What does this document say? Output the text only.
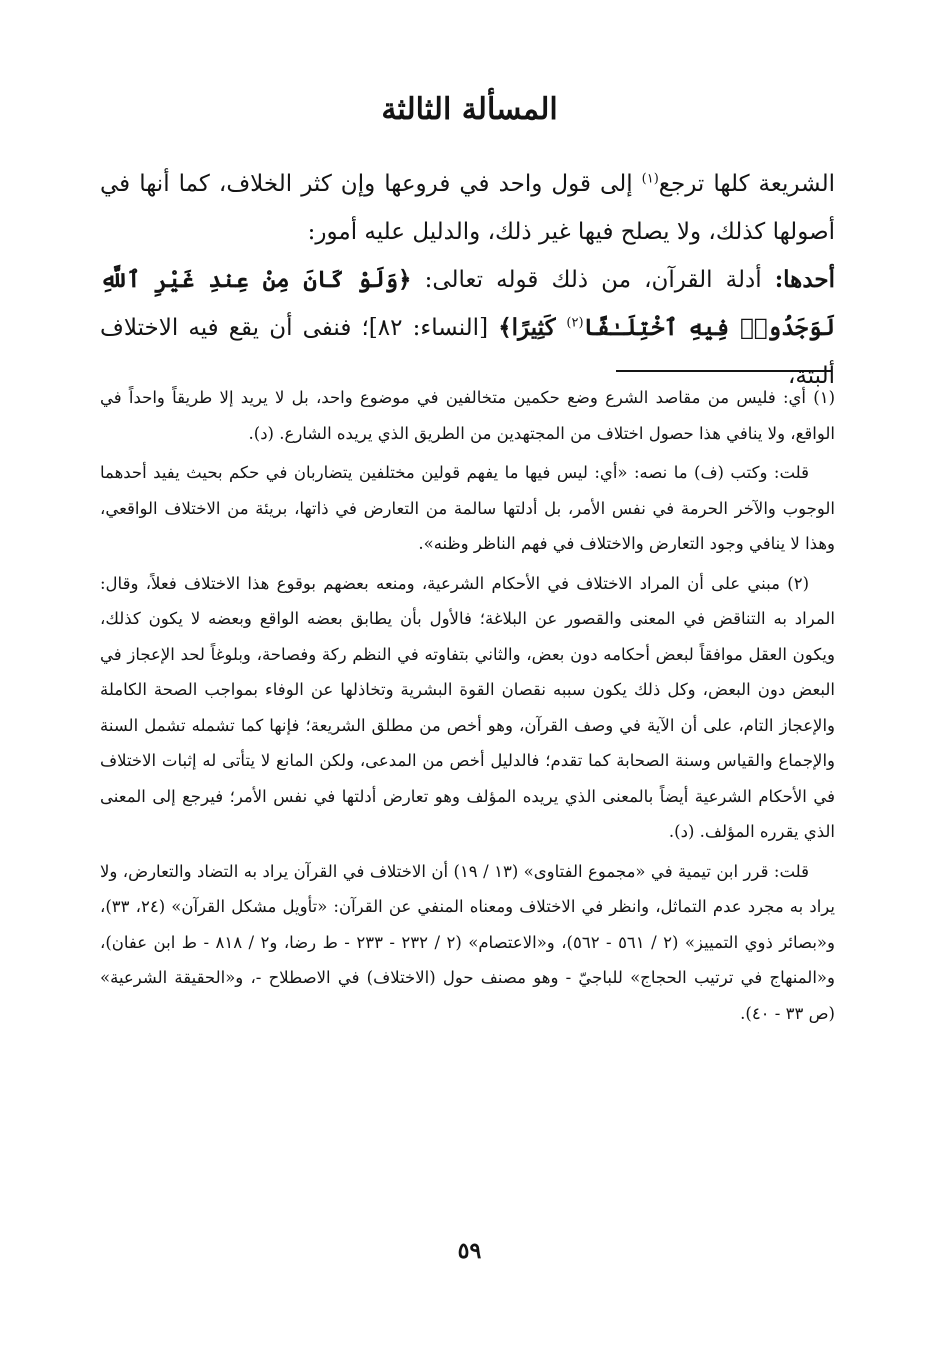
المسألة الثالثة

الشريعة كلها ترجع$^{(١)}$ إلى قول واحد في فروعها وإن كثر الخلاف، كما أنها في أصولها كذلك، ولا يصلح فيها غير ذلك، والدليل عليه أمور:

أحدها: أدلة القرآن، من ذلك قوله تعالى: ﴿وَلَوْ كَانَ مِنْ عِندِ غَيْرِ ٱللَّهِ لَوَجَدُوا۟ فِيهِ ٱخْتِلَـٰفًا$^{(٢)}$ كَثِيرًا﴾ [النساء: ٨٢]؛ فنفى أن يقع فيه الاختلاف ألبتة،

(١) أي: فليس من مقاصد الشرع وضع حكمين متخالفين في موضوع واحد، بل لا يريد إلا طريقاً واحداً في الواقع، ولا ينافي هذا حصول اختلاف من المجتهدين من الطريق الذي يريده الشارع. (د).

قلت: وكتب (ف) ما نصه: «أي: ليس فيها ما يفهم قولين مختلفين يتضاربان في حكم بحيث يفيد أحدهما الوجوب والآخر الحرمة في نفس الأمر، بل أدلتها سالمة من التعارض في ذاتها، بريئة من الاختلاف الواقعي، وهذا لا ينافي وجود التعارض والاختلاف في فهم الناظر وظنه».

(٢) مبني على أن المراد الاختلاف في الأحكام الشرعية، ومنعه بعضهم بوقوع هذا الاختلاف فعلاً، وقال: المراد به التناقض في المعنى والقصور عن البلاغة؛ فالأول بأن يطابق بعضه الواقع وبعضه لا يكون كذلك، ويكون العقل موافقاً لبعض أحكامه دون بعض، والثاني بتفاوته في النظم ركة وفصاحة، وبلوغاً لحد الإعجاز في البعض دون البعض، وكل ذلك يكون سببه نقصان القوة البشرية وتخاذلها عن الوفاء بمواجب الصحة الكاملة والإعجاز التام، على أن الآية في وصف القرآن، وهو أخص من مطلق الشريعة؛ فإنها كما تشمله تشمل السنة والإجماع والقياس وسنة الصحابة كما تقدم؛ فالدليل أخص من المدعى، ولكن المانع لا يتأتى له إثبات الاختلاف في الأحكام الشرعية أيضاً بالمعنى الذي يريده المؤلف وهو تعارض أدلتها في نفس الأمر؛ فيرجع إلى المعنى الذي يقرره المؤلف. (د).

قلت: قرر ابن تيمية في «مجموع الفتاوى» (١٣ / ١٩) أن الاختلاف في القرآن يراد به التضاد والتعارض، ولا يراد به مجرد عدم التماثل، وانظر في الاختلاف ومعناه المنفي عن القرآن: «تأويل مشكل القرآن» (٢٤، ٣٣)، و«بصائر ذوي التمييز» (٢ / ٥٦١ - ٥٦٢)، و«الاعتصام» (٢ / ٢٣٢ - ٢٣٣ - ط رضا، و٢ / ٨١٨ - ط ابن عفان)، و«المنهاج في ترتيب الحجاج» للباجيّ - وهو مصنف حول (الاختلاف) في الاصطلاح -، و«الحقيقة الشرعية» (ص ٣٣ - ٤٠).

٥٩
